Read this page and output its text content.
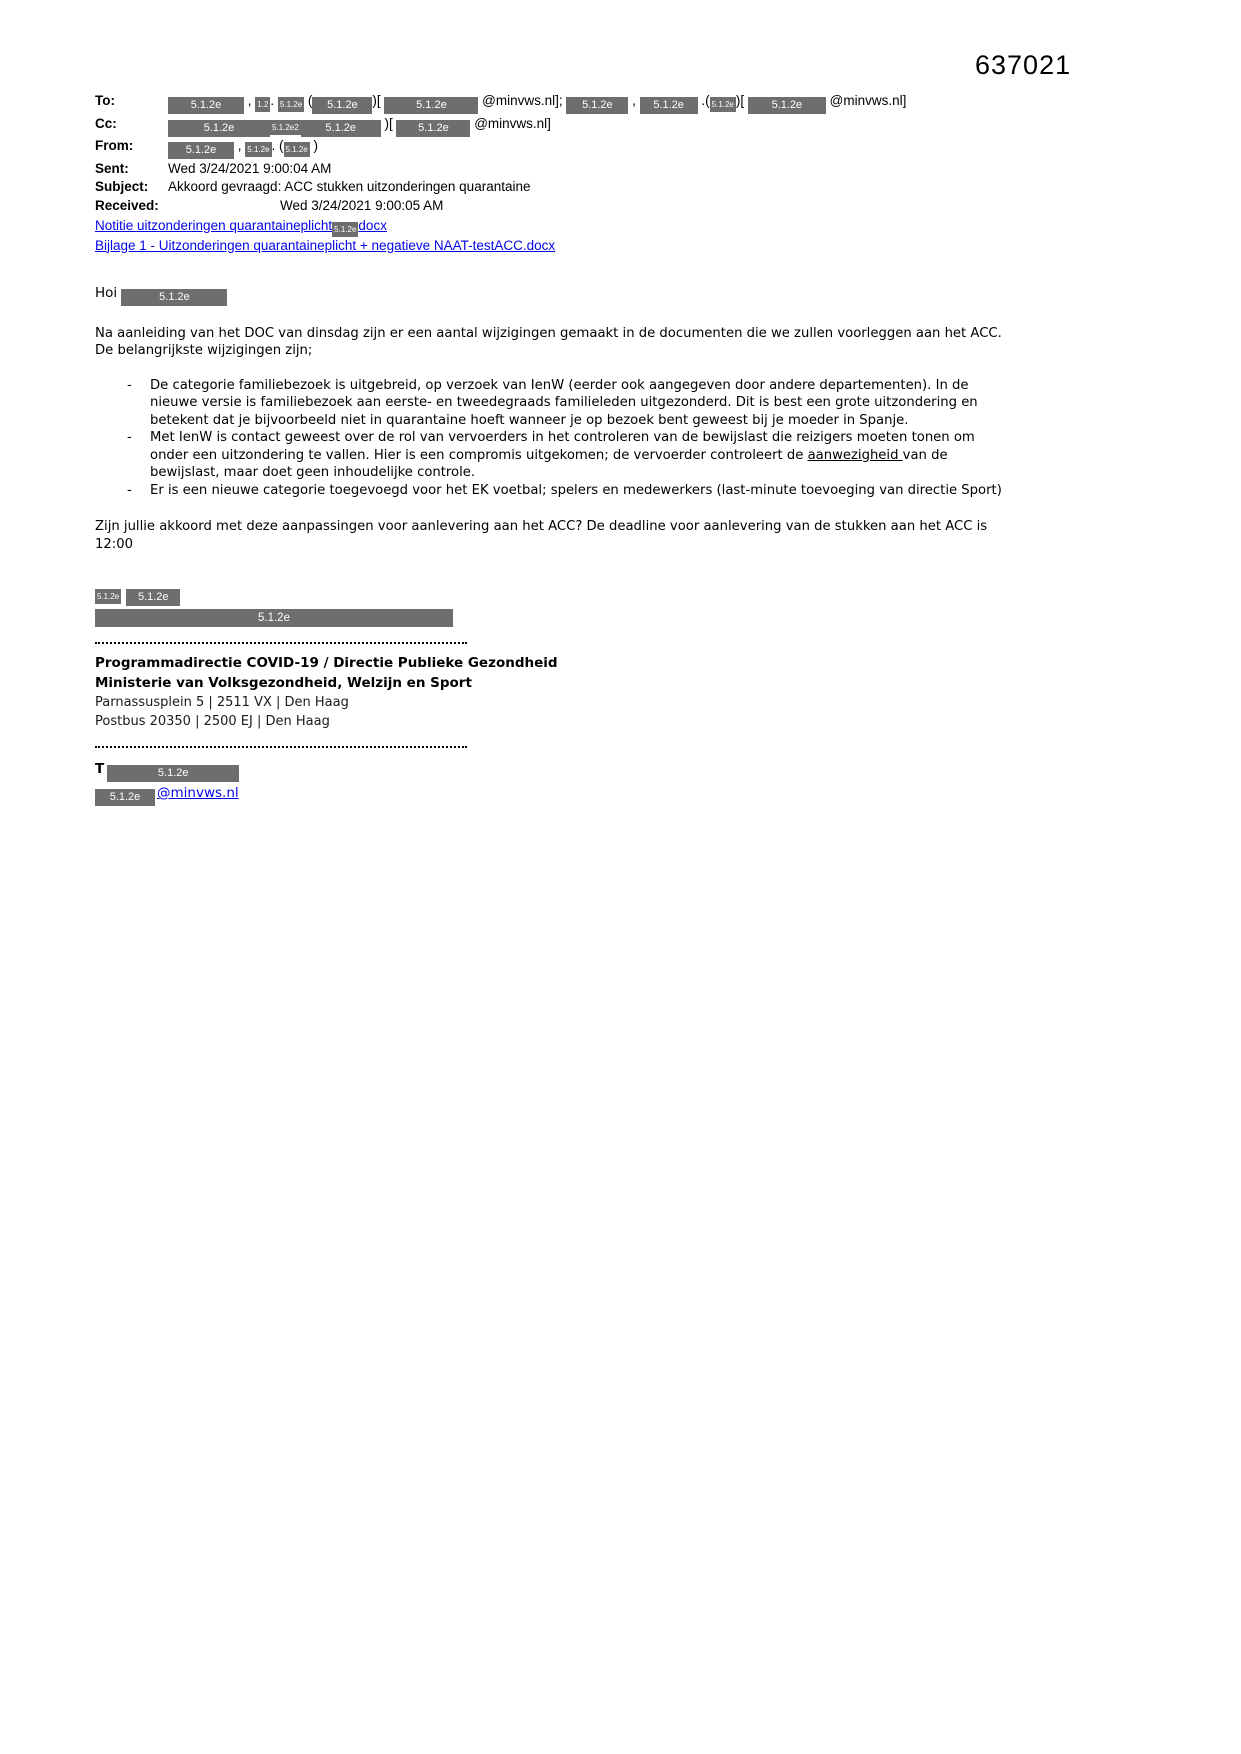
637021
To:	5.1.2e , 1.2 . 5.1.2e ( 5.1.2e )[	5.1.2e @minvws.nl]; 5.1.2e , 5.1.2e .( 5.1.2e )[ 5.1.2e @minvws.nl]
Cc:	5.1.2e	5.1.2e2 5.1.2e )[ 5.1.2e @minvws.nl]
From:	5.1.2e , 5.1.2e . ( 5.1.2e )
Sent:	Wed 3/24/2021 9:00:04 AM
Subject:	Akkoord gevraagd: ACC stukken uitzonderingen quarantaine
Received:	Wed 3/24/2021 9:00:05 AM
Notitie uitzonderingen quarantaineplicht 5.1.2e docx
Bijlage 1 - Uitzonderingen quarantaineplicht + negatieve NAAT-testACC.docx
Hoi	5.1.2e
Na aanleiding van het DOC van dinsdag zijn er een aantal wijzigingen gemaakt in de documenten die we zullen voorleggen aan het ACC. De belangrijkste wijzigingen zijn;
- De categorie familiebezoek is uitgebreid, op verzoek van IenW (eerder ook aangegeven door andere departementen). In de nieuwe versie is familiebezoek aan eerste- en tweedegraads familieleden uitgezonderd. Dit is best een grote uitzondering en betekent dat je bijvoorbeeld niet in quarantaine hoeft wanneer je op bezoek bent geweest bij je moeder in Spanje.
- Met IenW is contact geweest over de rol van vervoerders in het controleren van de bewijslast die reizigers moeten tonen om onder een uitzondering te vallen. Hier is een compromis uitgekomen; de vervoerder controleert de aanwezigheid van de bewijslast, maar doet geen inhoudelijke controle.
- Er is een nieuwe categorie toegevoegd voor het EK voetbal; spelers en medewerkers (last-minute toevoeging van directie Sport)
Zijn jullie akkoord met deze aanpassingen voor aanlevering aan het ACC? De deadline voor aanlevering van de stukken aan het ACC is 12:00
5.1.2e 5.1.2e
5.1.2e
Programmadirectie COVID-19 / Directie Publieke Gezondheid
Ministerie van Volksgezondheid, Welzijn en Sport
Parnassusplein 5 | 2511 VX | Den Haag
Postbus 20350 | 2500 EJ | Den Haag
T	5.1.2e
5.1.2e @minvws.nl
